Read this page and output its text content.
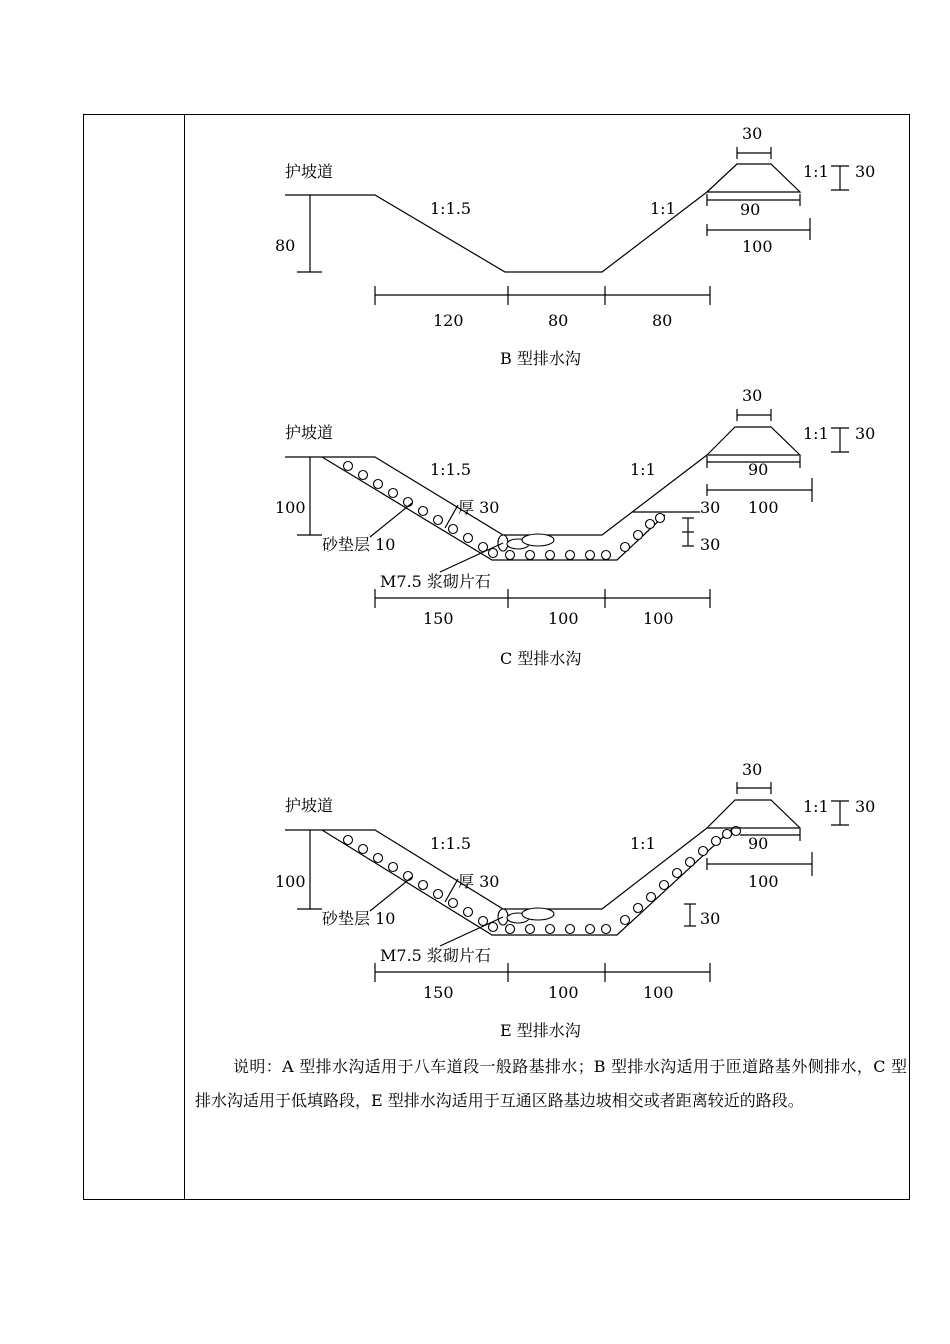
护坡道
80
1:1.5	1:1
30
1:1 30
90
100
120	80	80
护坡道
100
1:1.5	1:1
厚 30
砂垫层 10
M7.5 浆砌片石
30
30
30
1:1 30
90
100
150	100	100
护坡道
100
1:1.5	1:1
厚 30
砂垫层 10
M7.5 浆砌片石
30
30
1:1 30
90
100
150	100	100
B 型排水沟
C 型排水沟
E 型排水沟
说明：A 型排水沟适用于八车道段一般路基排水；B 型排水沟适用于匝道路基外侧排水，C 型排水沟适用于低填路段，E 型排水沟适用于互通区路基边坡相交或者距离较近的路段。
